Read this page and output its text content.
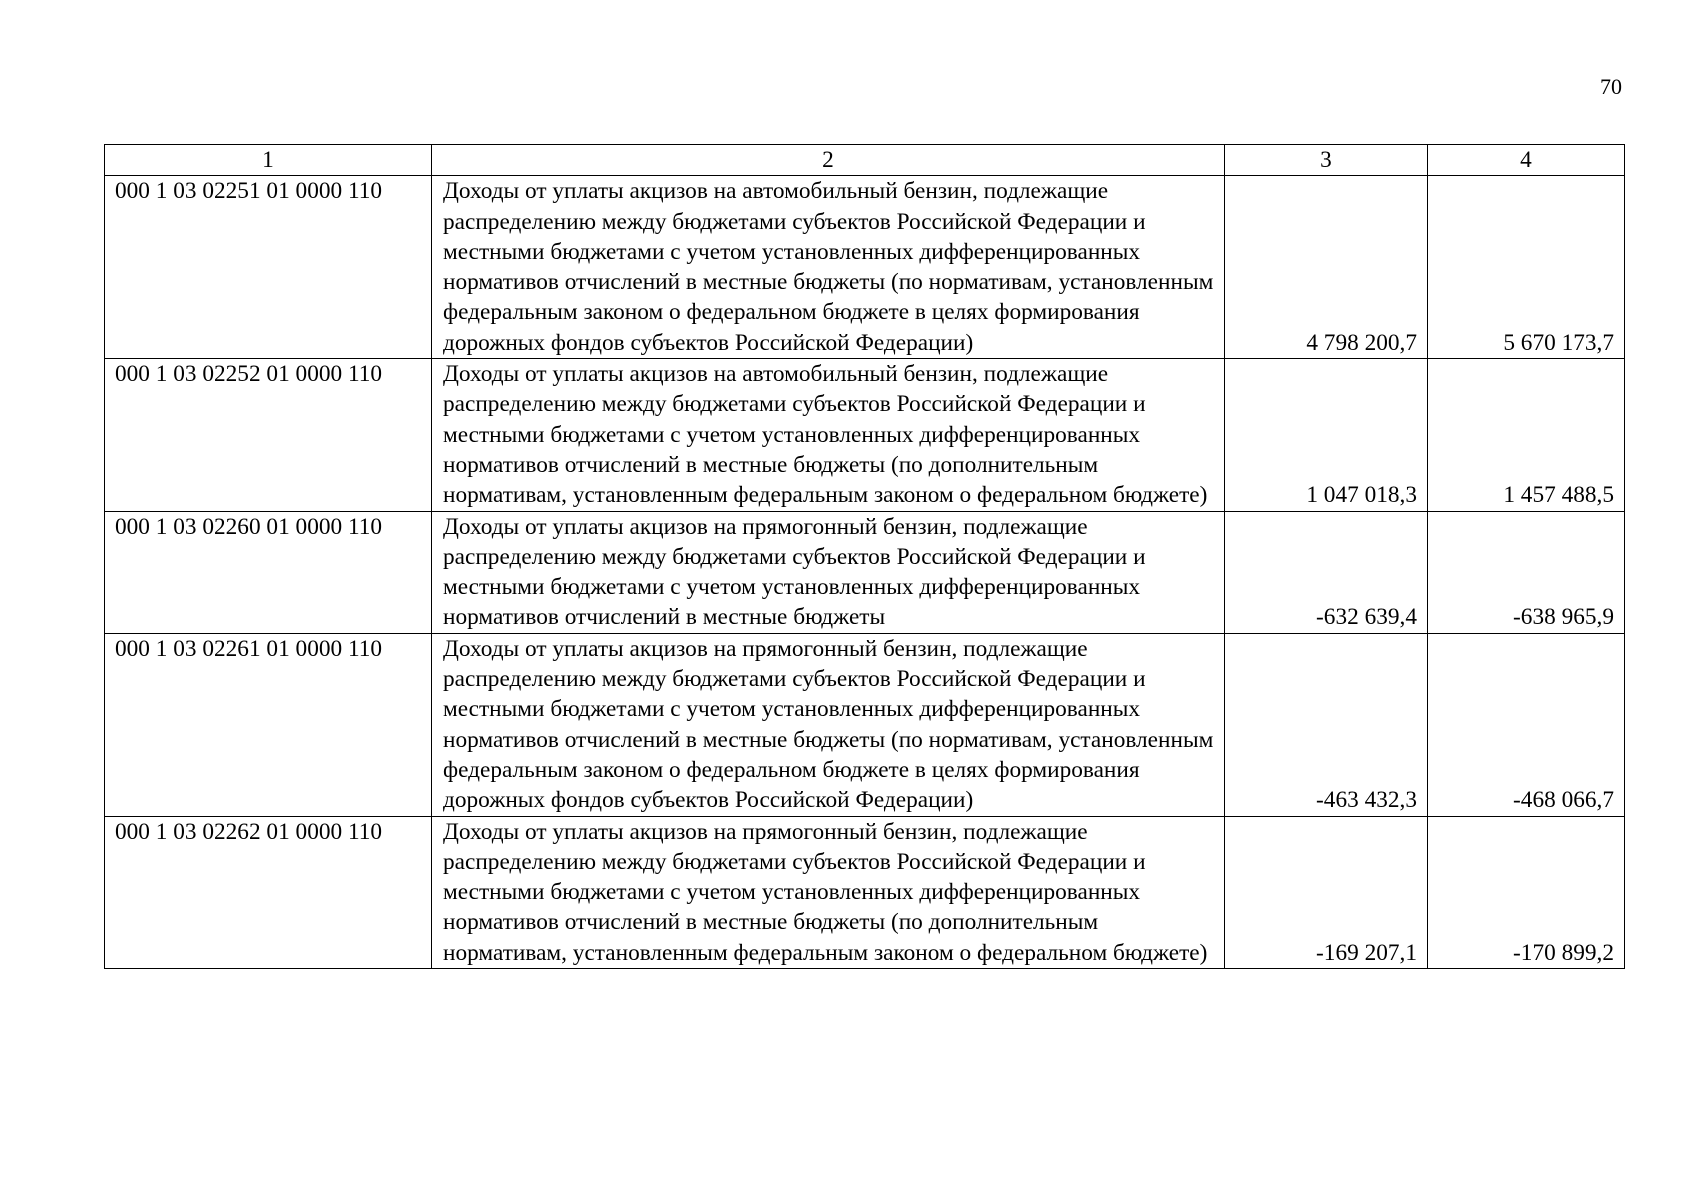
70
1	2	3	4
000 1 03 02251 01 0000 110	Доходы от уплаты акцизов на автомобильный бензин, подлежащие распределению между бюджетами субъектов Российской Федерации и местными бюджетами с учетом установленных дифференцированных нормативов отчислений в местные бюджеты (по нормативам, установленным федеральным законом о федеральном бюджете в целях формирования дорожных фондов субъектов Российской Федерации)	4 798 200,7	5 670 173,7

000 1 03 02252 01 0000 110	Доходы от уплаты акцизов на автомобильный бензин, подлежащие распределению между бюджетами субъектов Российской Федерации и местными бюджетами с учетом установленных дифференцированных нормативов отчислений в местные бюджеты (по дополнительным нормативам, установленным федеральным законом о федеральном бюджете)	1 047 018,3	1 457 488,5

000 1 03 02260 01 0000 110	Доходы от уплаты акцизов на прямогонный бензин, подлежащие распределению между бюджетами субъектов Российской Федерации и местными бюджетами с учетом установленных дифференцированных нормативов отчислений в местные бюджеты	-632 639,4	-638 965,9

000 1 03 02261 01 0000 110	Доходы от уплаты акцизов на прямогонный бензин, подлежащие распределению между бюджетами субъектов Российской Федерации и местными бюджетами с учетом установленных дифференцированных нормативов отчислений в местные бюджеты (по нормативам, установленным федеральным законом о федеральном бюджете в целях формирования дорожных фондов субъектов Российской Федерации)	-463 432,3	-468 066,7

000 1 03 02262 01 0000 110	Доходы от уплаты акцизов на прямогонный бензин, подлежащие распределению между бюджетами субъектов Российской Федерации и местными бюджетами с учетом установленных дифференцированных нормативов отчислений в местные бюджеты (по дополнительным нормативам, установленным федеральным законом о федеральном бюджете)	-169 207,1	-170 899,2
